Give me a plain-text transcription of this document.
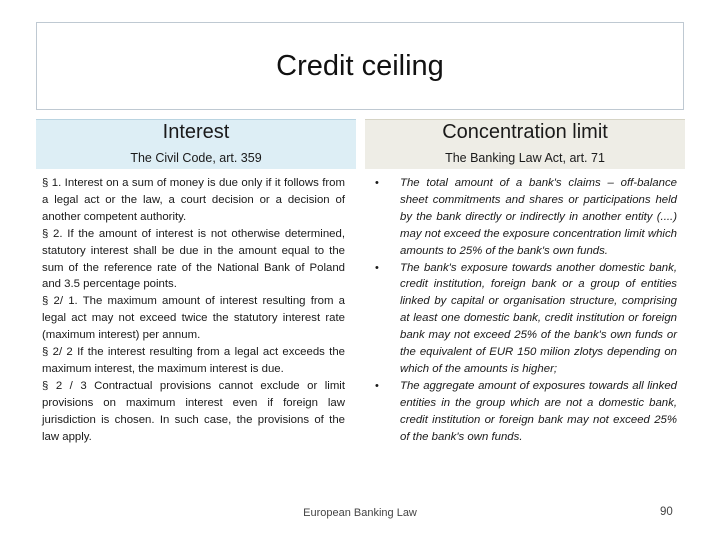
Credit ceiling
Interest
The Civil Code, art. 359
Concentration limit
The Banking Law Act, art. 71

§ 1. Interest on a sum of money is due only if it follows from a legal act or the law, a court decision or a decision of another competent authority.

§ 2. If the amount of interest is not otherwise determined, statutory interest shall be due in the amount equal to the sum of the reference rate of the National Bank of Poland and 3.5 percentage points.

§ 2/ 1. The maximum amount of interest resulting from a legal act may not exceed twice the statutory interest rate (maximum interest) per annum.

§ 2/ 2 If the interest resulting from a legal act exceeds the maximum interest, the maximum interest is due.

§ 2 / 3 Contractual provisions cannot exclude or limit provisions on maximum interest even if foreign law jurisdiction is chosen. In such case, the provisions of the law apply.

• The total amount of a bank's claims – off-balance sheet commitments and shares or participations held by the bank directly or indirectly in another entity (....) may not exceed the exposure concentration limit which amounts to 25% of the bank's own funds.
• The bank's exposure towards another domestic bank, credit institution, foreign bank or a group of entities linked by capital or organisation structure, comprising at least one domestic bank, credit institution or foreign bank may not exceed 25% of the bank's own funds or the equivalent of EUR 150 milion zlotys depending on which of the amounts is higher;
• The aggregate amount of exposures towards all linked entities in the group which are not a domestic bank, credit institution or foreign bank may not exceed 25% of the bank's own funds.
European Banking Law	90
